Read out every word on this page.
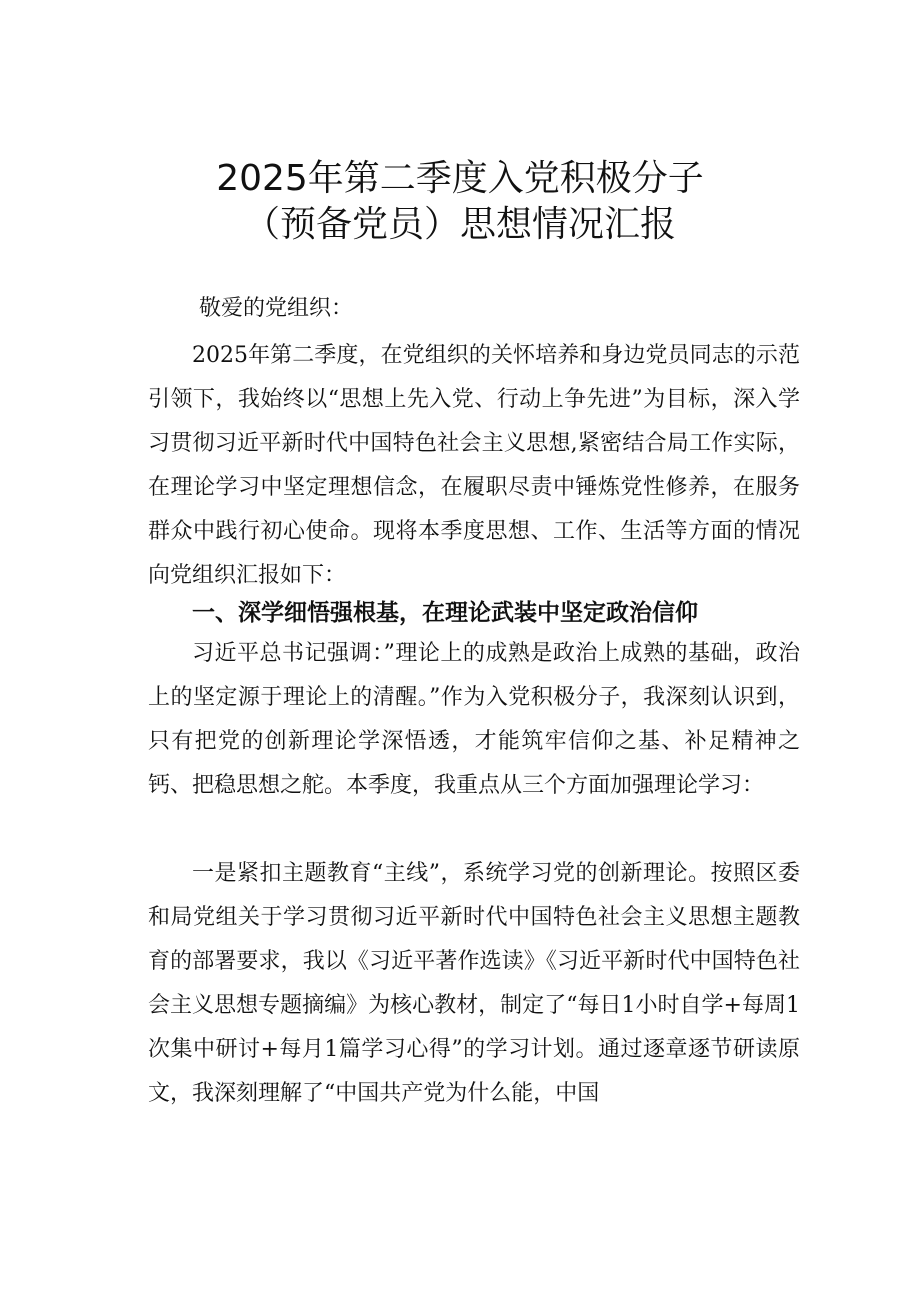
2025年第二季度入党积极分子
（预备党员）思想情况汇报
敬爱的党组织：
2025年第二季度，在党组织的关怀培养和身边党员同志的示范引领下，我始终以“思想上先入党、行动上争先进”为目标，深入学习贯彻习近平新时代中国特色社会主义思想,紧密结合局工作实际，在理论学习中坚定理想信念，在履职尽责中锤炼党性修养，在服务群众中践行初心使命。现将本季度思想、工作、生活等方面的情况向党组织汇报如下：
一、深学细悟强根基，在理论武装中坚定政治信仰
习近平总书记强调：”理论上的成熟是政治上成熟的基础，政治上的坚定源于理论上的清醒。”作为入党积极分子，我深刻认识到，只有把党的创新理论学深悟透，才能筑牢信仰之基、补足精神之钙、把稳思想之舵。本季度，我重点从三个方面加强理论学习：
一是紧扣主题教育“主线”，系统学习党的创新理论。按照区委和局党组关于学习贯彻习近平新时代中国特色社会主义思想主题教育的部署要求，我以《习近平著作选读》《习近平新时代中国特色社会主义思想专题摘编》为核心教材，制定了“每日1小时自学+每周1次集中研讨+每月1篇学习心得”的学习计划。通过逐章逐节研读原文，我深刻理解了“中国共产党为什么能，中国
